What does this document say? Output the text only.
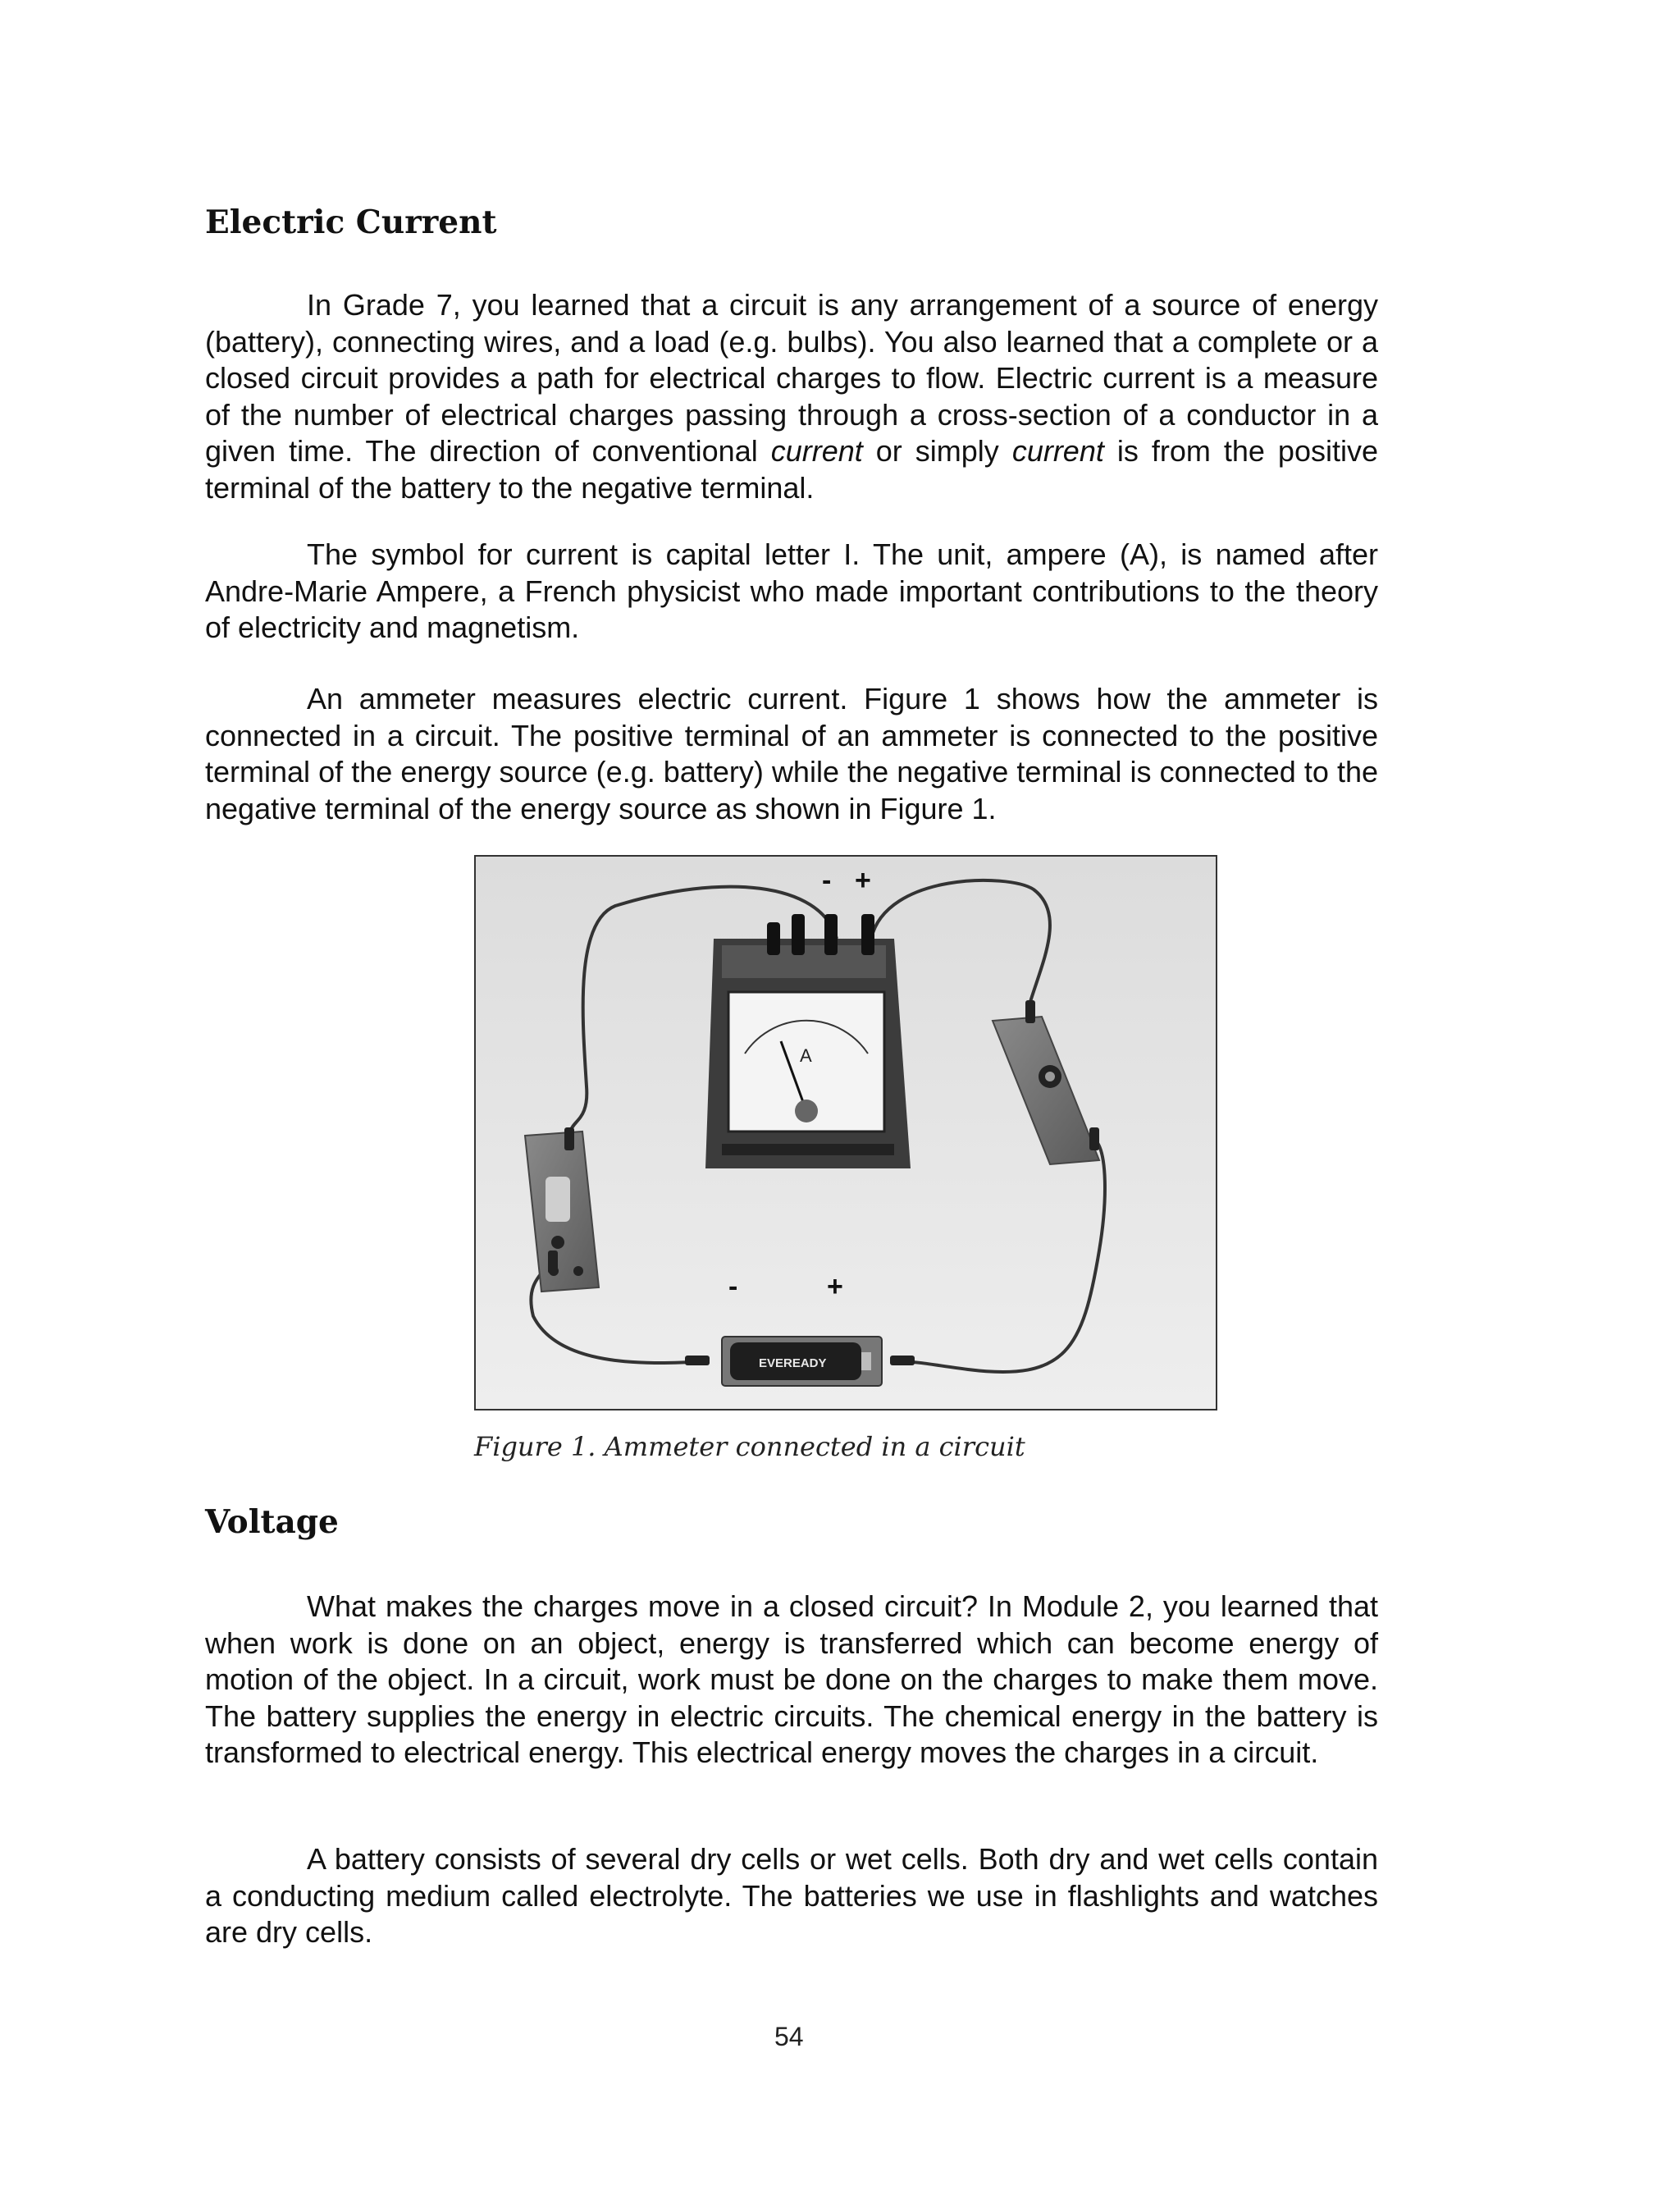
Electric Current

In Grade 7, you learned that a circuit is any arrangement of a source of energy (battery), connecting wires, and a load (e.g. bulbs). You also learned that a complete or a closed circuit provides a path for electrical charges to flow. Electric current is a measure of the number of electrical charges passing through a cross-section of a conductor in a given time. The direction of conventional current or simply current is from the positive terminal of the battery to the negative terminal.

The symbol for current is capital letter I. The unit, ampere (A), is named after Andre-Marie Ampere, a French physicist who made important contributions to the theory of electricity and magnetism.

An ammeter measures electric current. Figure 1 shows how the ammeter is connected in a circuit. The positive terminal of an ammeter is connected to the positive terminal of the energy source (e.g. battery) while the negative terminal is connected to the negative terminal of the energy source as shown in Figure 1.

A
- +
EVEREADY
-	+

Figure 1. Ammeter connected in a circuit

Voltage

What makes the charges move in a closed circuit? In Module 2, you learned that when work is done on an object, energy is transferred which can become energy of motion of the object. In a circuit, work must be done on the charges to make them move. The battery supplies the energy in electric circuits. The chemical energy in the battery is transformed to electrical energy. This electrical energy moves the charges in a circuit.

A battery consists of several dry cells or wet cells. Both dry and wet cells contain a conducting medium called electrolyte. The batteries we use in flashlights and watches are dry cells.

54
